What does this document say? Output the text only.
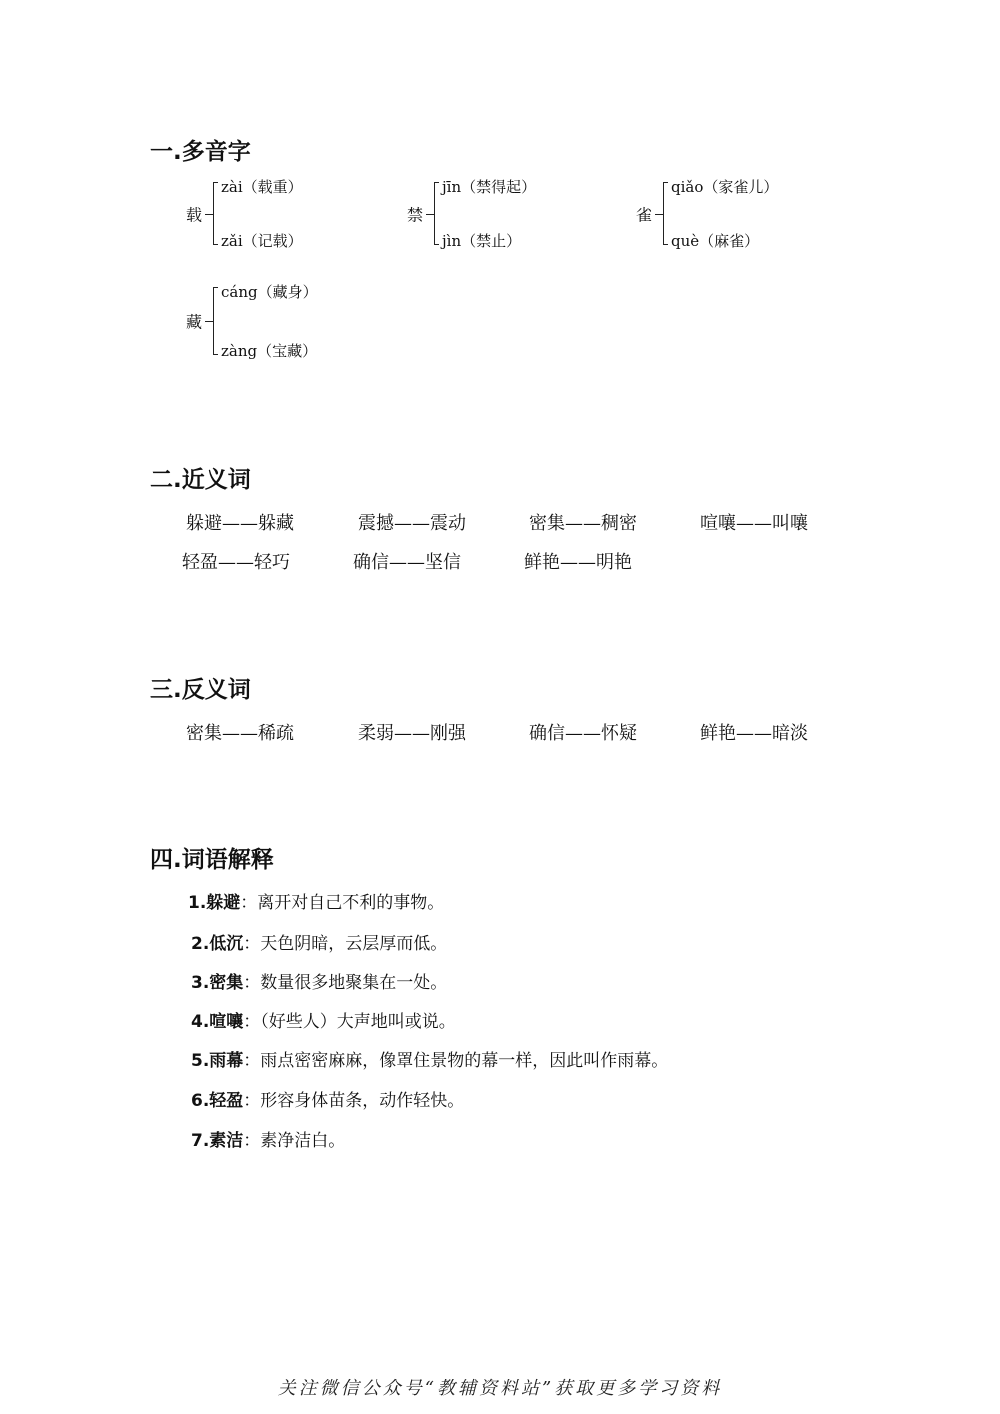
一.多音字
载
zài（载重）
zǎi（记载）
禁
jīn（禁得起）
jìn（禁止）
雀
qiǎo（家雀儿）
què（麻雀）
藏
cáng（藏身）
zàng（宝藏）
二.近义词
躲避——躲藏	震撼——震动	密集——稠密	喧嚷——叫嚷
轻盈——轻巧	确信——坚信	鲜艳——明艳
三.反义词
密集——稀疏	柔弱——刚强	确信——怀疑	鲜艳——暗淡
四.词语解释
1.躲避：离开对自己不利的事物。
2.低沉：天色阴暗，云层厚而低。
3.密集：数量很多地聚集在一处。
4.喧嚷：（好些人）大声地叫或说。
5.雨幕：雨点密密麻麻，像罩住景物的幕一样，因此叫作雨幕。
6.轻盈：形容身体苗条，动作轻快。
7.素洁：素净洁白。
关注微信公众号“教辅资料站”获取更多学习资料
